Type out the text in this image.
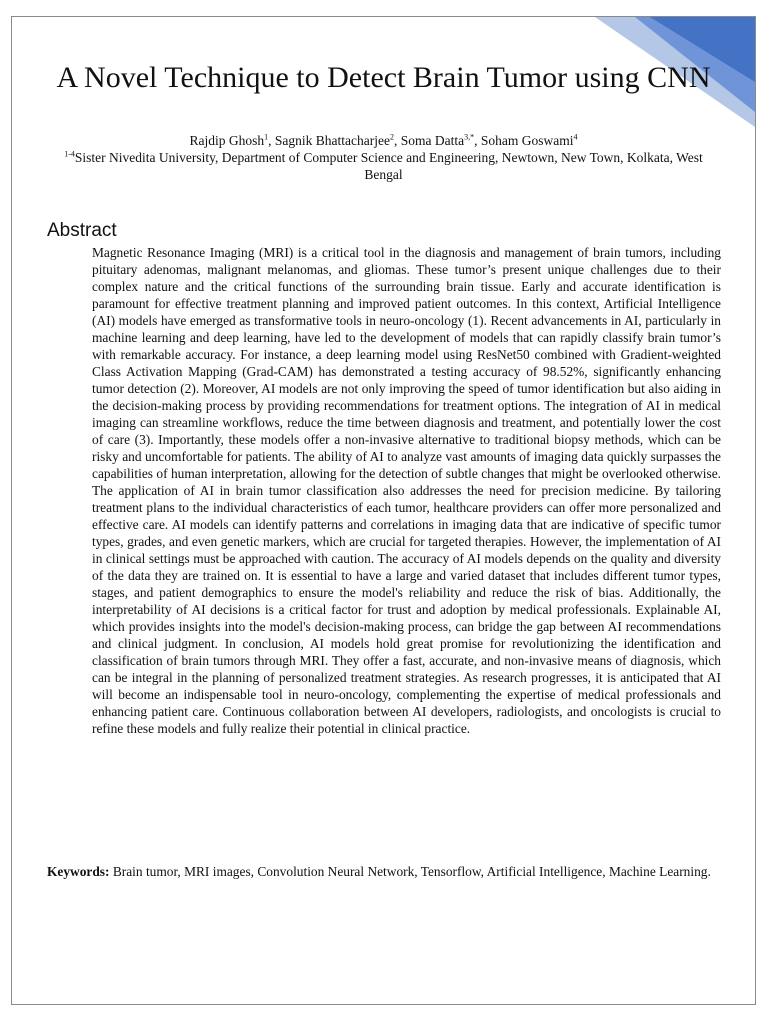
A Novel Technique to Detect Brain Tumor using CNN
Rajdip Ghosh$^1$, Sagnik Bhattacharjee$^2$, Soma Datta$^{3,*}$, Soham Goswami$^4$
$^{1-4}$Sister Nivedita University, Department of Computer Science and Engineering, Newtown, New Town, Kolkata, West Bengal
Abstract
Magnetic Resonance Imaging (MRI) is a critical tool in the diagnosis and management of brain tumors, including pituitary adenomas, malignant melanomas, and gliomas. These tumor’s present unique challenges due to their complex nature and the critical functions of the surrounding brain tissue. Early and accurate identification is paramount for effective treatment planning and improved patient outcomes. In this context, Artificial Intelligence (AI) models have emerged as transformative tools in neuro-oncology (1). Recent advancements in AI, particularly in machine learning and deep learning, have led to the development of models that can rapidly classify brain tumor’s with remarkable accuracy. For instance, a deep learning model using ResNet50 combined with Gradient-weighted Class Activation Mapping (Grad-CAM) has demonstrated a testing accuracy of 98.52%, significantly enhancing tumor detection (2). Moreover, AI models are not only improving the speed of tumor identification but also aiding in the decision-making process by providing recommendations for treatment options. The integration of AI in medical imaging can streamline workflows, reduce the time between diagnosis and treatment, and potentially lower the cost of care (3). Importantly, these models offer a non-invasive alternative to traditional biopsy methods, which can be risky and uncomfortable for patients. The ability of AI to analyze vast amounts of imaging data quickly surpasses the capabilities of human interpretation, allowing for the detection of subtle changes that might be overlooked otherwise. The application of AI in brain tumor classification also addresses the need for precision medicine. By tailoring treatment plans to the individual characteristics of each tumor, healthcare providers can offer more personalized and effective care. AI models can identify patterns and correlations in imaging data that are indicative of specific tumor types, grades, and even genetic markers, which are crucial for targeted therapies. However, the implementation of AI in clinical settings must be approached with caution. The accuracy of AI models depends on the quality and diversity of the data they are trained on. It is essential to have a large and varied dataset that includes different tumor types, stages, and patient demographics to ensure the model's reliability and reduce the risk of bias. Additionally, the interpretability of AI decisions is a critical factor for trust and adoption by medical professionals. Explainable AI, which provides insights into the model's decision-making process, can bridge the gap between AI recommendations and clinical judgment. In conclusion, AI models hold great promise for revolutionizing the identification and classification of brain tumors through MRI. They offer a fast, accurate, and non-invasive means of diagnosis, which can be integral in the planning of personalized treatment strategies. As research progresses, it is anticipated that AI will become an indispensable tool in neuro-oncology, complementing the expertise of medical professionals and enhancing patient care. Continuous collaboration between AI developers, radiologists, and oncologists is crucial to refine these models and fully realize their potential in clinical practice.
Keywords: Brain tumor, MRI images, Convolution Neural Network, Tensorflow, Artificial Intelligence, Machine Learning.
